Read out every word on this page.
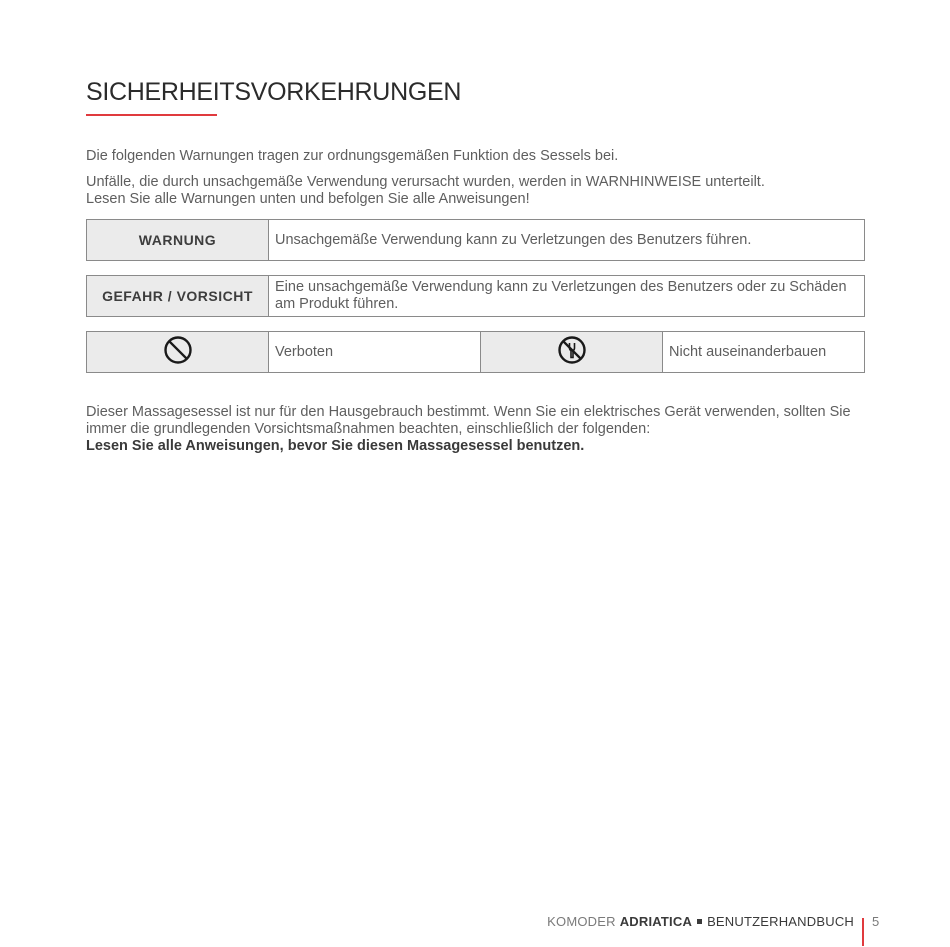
SICHERHEITSVORKEHRUNGEN

Die folgenden Warnungen tragen zur ordnungsgemäßen Funktion des Sessels bei.

Unfälle, die durch unsachgemäße Verwendung verursacht wurden, werden in WARNHINWEISE unterteilt.
Lesen Sie alle Warnungen unten und befolgen Sie alle Anweisungen!

WARNUNG	Unsachgemäße Verwendung kann zu Verletzungen des Benutzers führen.
GEFAHR / VORSICHT
Eine unsachgemäße Verwendung kann zu Verletzungen des Benutzers oder zu Schäden am Produkt führen.
Verboten	Nicht auseinanderbauen

Dieser Massagesessel ist nur für den Hausgebrauch bestimmt. Wenn Sie ein elektrisches Gerät verwenden, sollten Sie immer die grundlegenden Vorsichtsmaßnahmen beachten, einschließlich der folgenden:
Lesen Sie alle Anweisungen, bevor Sie diesen Massagesessel benutzen.

KOMODER ADRIATICA BENUTZERHANDBUCH 5
